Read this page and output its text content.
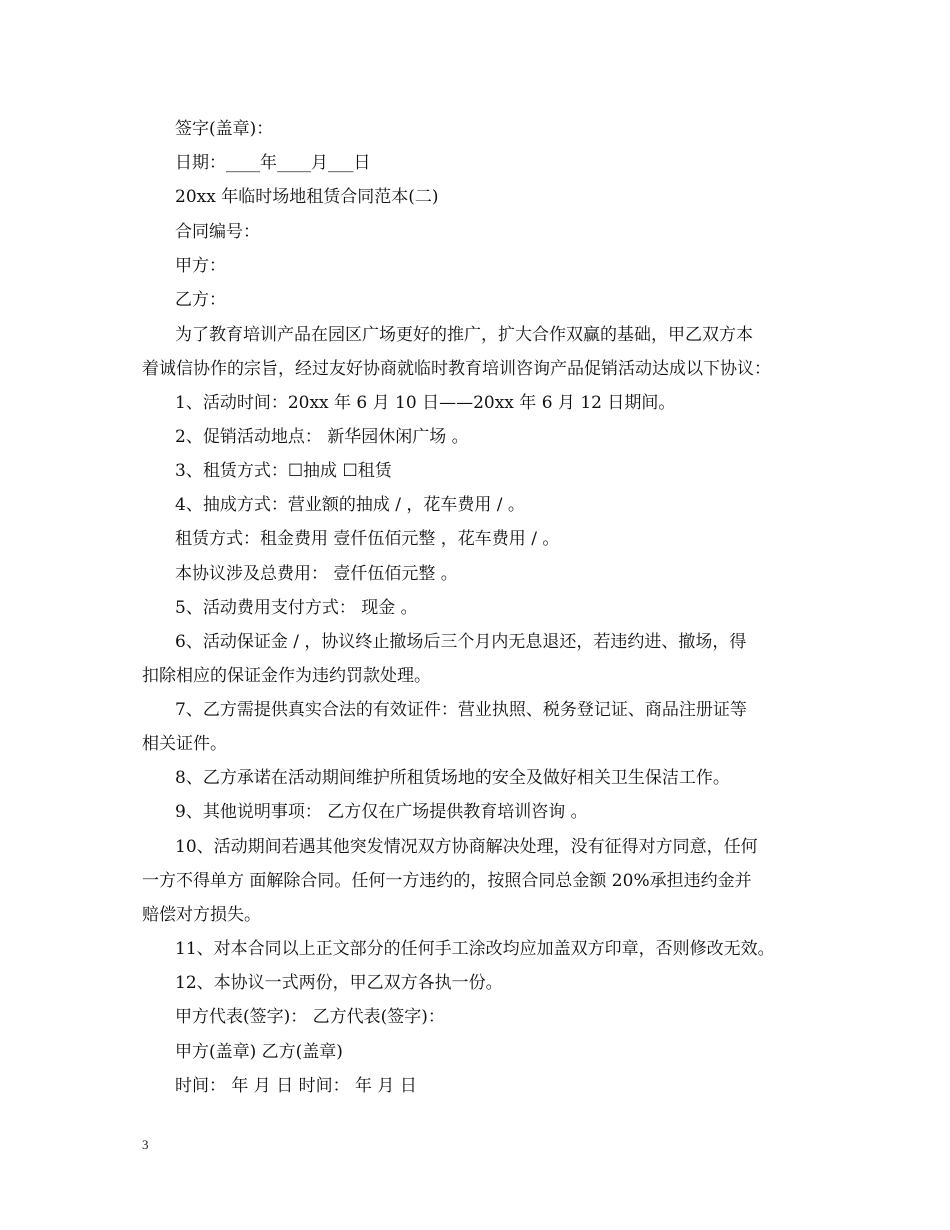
签字(盖章)：
日期：____年____月___日
20xx 年临时场地租赁合同范本(二)
合同编号：
甲方：
乙方：
为了教育培训产品在园区广场更好的推广，扩大合作双赢的基础，甲乙双方本
着诚信协作的宗旨，经过友好协商就临时教育培训咨询产品促销活动达成以下协议：
1、活动时间：20xx 年 6 月 10 日——20xx 年 6 月 12 日期间。
2、促销活动地点： 新华园休闲广场 。
3、租赁方式：☐抽成 ☐租赁
4、抽成方式：营业额的抽成 / ，花车费用 / 。
租赁方式：租金费用 壹仟伍佰元整 ，花车费用 / 。
本协议涉及总费用： 壹仟伍佰元整 。
5、活动费用支付方式： 现金 。
6、活动保证金 / ，协议终止撤场后三个月内无息退还，若违约进、撤场，得
扣除相应的保证金作为违约罚款处理。
7、乙方需提供真实合法的有效证件：营业执照、税务登记证、商品注册证等
相关证件。
8、乙方承诺在活动期间维护所租赁场地的安全及做好相关卫生保洁工作。
9、其他说明事项： 乙方仅在广场提供教育培训咨询 。
10、活动期间若遇其他突发情况双方协商解决处理，没有征得对方同意，任何
一方不得单方 面解除合同。任何一方违约的，按照合同总金额 20%承担违约金并
赔偿对方损失。
11、对本合同以上正文部分的任何手工涂改均应加盖双方印章，否则修改无效。
12、本协议一式两份，甲乙双方各执一份。
甲方代表(签字)： 乙方代表(签字)：
甲方(盖章) 乙方(盖章)
时间： 年 月 日 时间： 年 月 日
3
